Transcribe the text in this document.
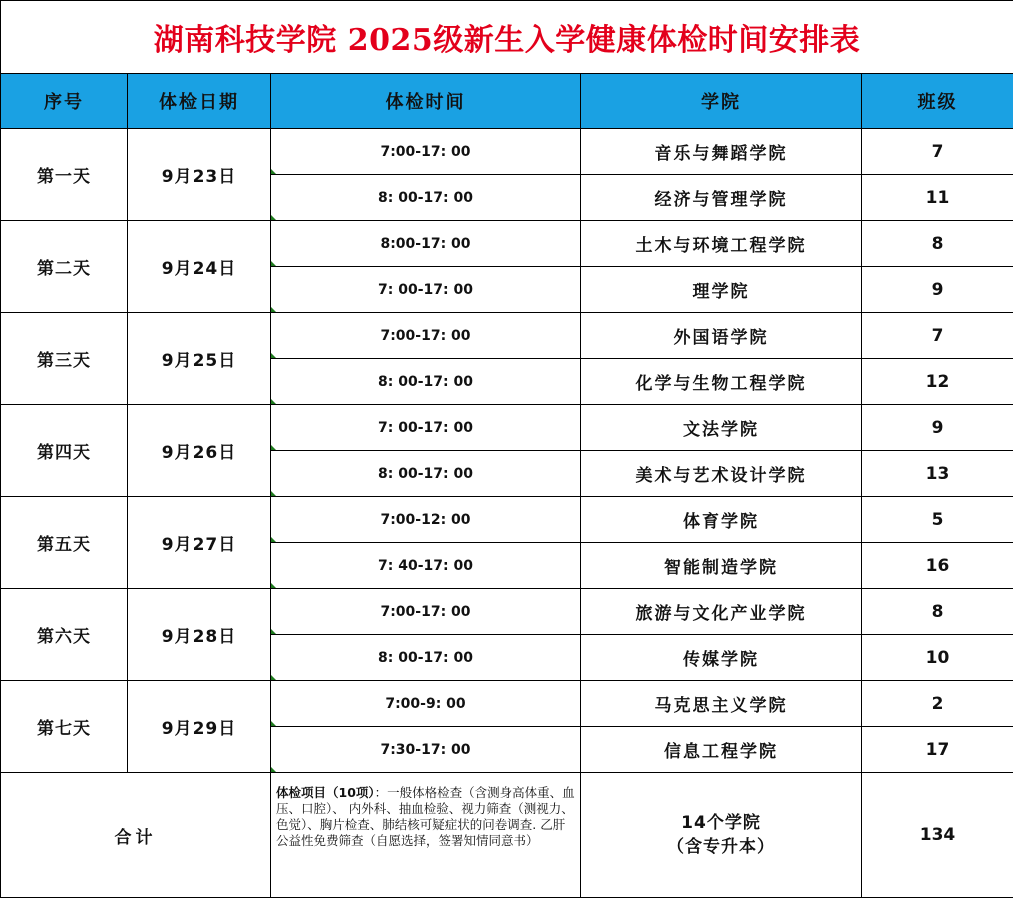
湖南科技学院 2025级新生入学健康体检时间安排表				
序号	体检日期	体检时间	学院	班级
第一天	9月23日	7:00-17: 00	音乐与舞蹈学院	7
		8: 00-17: 00	经济与管理学院	11
第二天	9月24日	8:00-17: 00	土木与环境工程学院	8
		7: 00-17: 00	理学院	9
第三天	9月25日	7:00-17: 00	外国语学院	7
		8: 00-17: 00	化学与生物工程学院	12
第四天	9月26日	7: 00-17: 00	文法学院	9
		8: 00-17: 00	美术与艺术设计学院	13
第五天	9月27日	7:00-12: 00	体育学院	5
		7: 40-17: 00	智能制造学院	16
第六天	9月28日	7:00-17: 00	旅游与文化产业学院	8
		8: 00-17: 00	传媒学院	10
第七天	9月29日	7:00-9: 00	马克思主义学院	2
		7:30-17: 00	信息工程学院	17
合计		体检项目（10项）：一般体格检查（含测身高体重、血压、口腔）、 内外科、抽血检验、视力筛查（测视力、色觉）、胸片检查、肺结核可疑症状的问卷调查. 乙肝公益性免费筛查（自愿选择，签署知情同意书）	14个学院
（含专升本）	134
